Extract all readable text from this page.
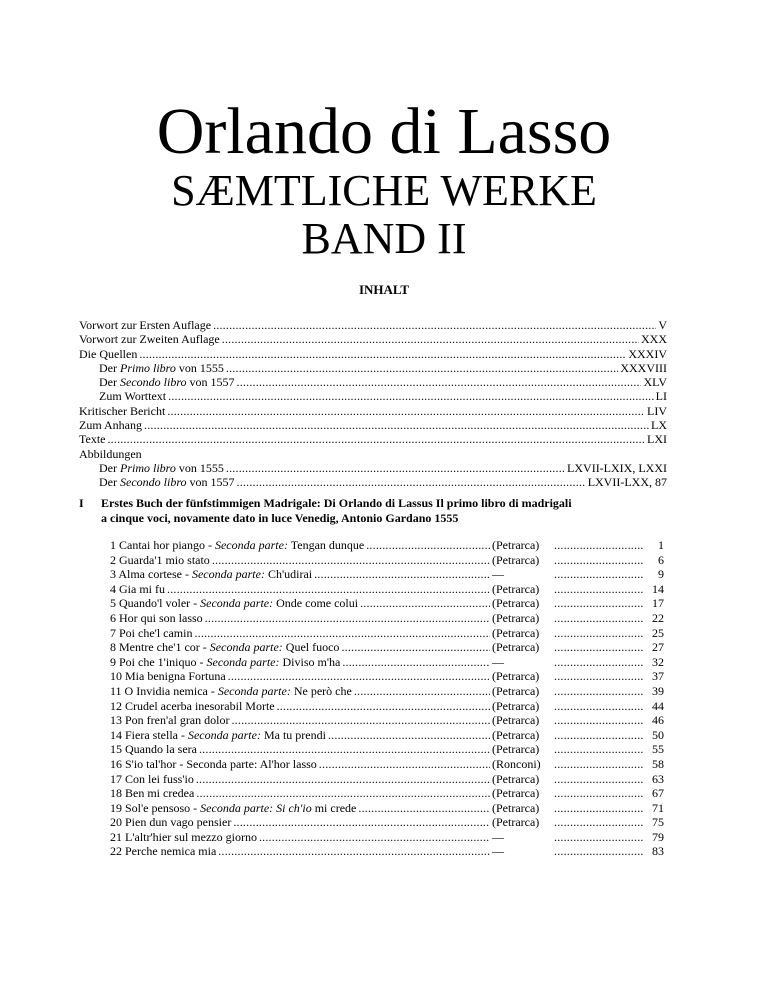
Orlando di Lasso
SÆMTLICHE WERKE
BAND II
INHALT
Vorwort zur Ersten Auflage . . .	V
Vorwort zur Zweiten Auflage . . .	XXX
Die Quellen . . .	XXXIV
Der Primo libro von 1555 . . .	XXXVIII
Der Secondo libro von 1557 . . .	XLV
Zum Worttext . . .	LI
Kritischer Bericht . . .	LIV
Zum Anhang . . .	LX
Texte . . .	LXI
Abbildungen
Der Primo libro von 1555 . . .	LXVII-LXIX, LXXI
Der Secondo libro von 1557 . . .	LXVII-LXX, 87
I Erstes Buch der fünfstimmigen Madrigale: Di Orlando di Lassus Il primo libro di madrigali
a cinque voci, novamente dato in luce Venedig, Antonio Gardano 1555
1 Cantai hor piango - Seconda parte: Tengan dunque . . .	(Petrarca) . . .	1
2 Guarda'1 mio stato . . .	(Petrarca) . . .	6
3 Alma cortese - Seconda parte: Ch'udirai . . .	— . . .	9
4 Gia mi fu . . .	(Petrarca) . . .	14
5 Quando'l voler - Seconda parte: Onde come colui . . .	(Petrarca) . . .	17
6 Hor qui son lasso . . .	(Petrarca) . . .	22
7 Poi che'l camin . . .	(Petrarca) . . .	25
8 Mentre che'1 cor - Seconda parte: Quel fuoco . . .	(Petrarca) . . .	27
9 Poi che 1'iniquo - Seconda parte: Diviso m'ha . . .	— . . .	32
10 Mia benigna Fortuna . . .	(Petrarca) . . .	37
11 O Invidia nemica - Seconda parte: Ne però che . . .	(Petrarca) . . .	39
12 Crudel acerba inesorabil Morte . . .	(Petrarca) . . .	44
13 Pon fren'al gran dolor . . .	(Petrarca) . . .	46
14 Fiera stella - Seconda parte: Ma tu prendi . . .	(Petrarca) . . .	50
15 Quando la sera . . .	(Petrarca) . . .	55
16 S'io tal'hor - Seconda parte: Al'hor lasso . . .	(Ronconi) . . .	58
17 Con lei fuss'io . . .	(Petrarca) . . .	63
18 Ben mi credea . . .	(Petrarca) . . .	67
19 Sol'e pensoso - Seconda parte: Si ch'io mi crede . . .	(Petrarca) . . .	71
20 Pien dun vago pensier . . .	(Petrarca) . . .	75
21 L'altr'hier sul mezzo giorno . . .	— . . .	79
22 Perche nemica mia . . .	— . . .	83
